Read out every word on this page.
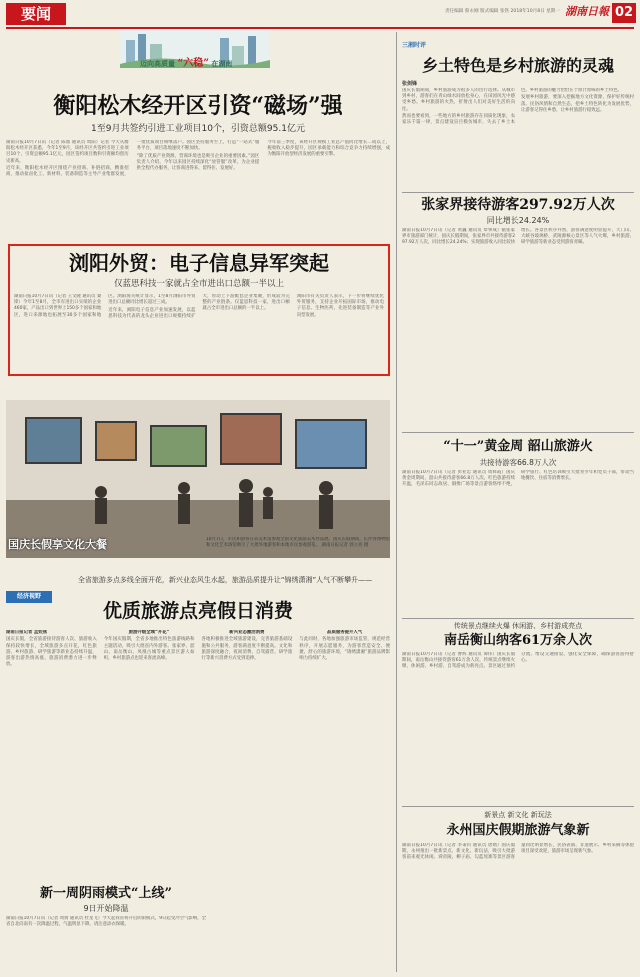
要闻	责任编辑 蔡永刚 版式编辑 张铁 2018年10月8日 星期一 湖南日報 02
迈向高质量 “六稳” 在湖南
衡阳松木经开区引资“磁场”强
1至9月共签约引进工业项目10个，引资总额95.1亿元

湖南日报10月7日讯（记者 陈鼎 通讯员 周阳）记者 今天从衡阳松木经开区获悉，今年1至9月，该经开区共签约引进工业项目10个，引资总额95.1亿元，园区签约项目数和引资额均创历史新高。

近年来，衡阳松木经开区围绕产业招商、补链招商、精准招商，推动盐卤化工、新材料、装备制造等主导产业集群发展，一批优质项目相继落户。园区坚持服务至上，打造“一站式”服务平台，项目落地速度不断加快。

“除了优质产业资源，营商环境也是吸引企业的重要因素。”园区负责人介绍，今年以来园区持续深化“放管服”改革，为企业提供全程代办服务，让客商进得来、留得住、发展好。

今年前三季度，该经开区规模工业总产值同比增长二成以上，税收收入稳步提升，园区承载能力和综合竞争力持续增强，成为衡阳开放型经济发展的重要引擎。

浏阳外贸：电子信息异军突起
仅蓝思科技一家就占全市进出口总额一半以上

湖南日报10月7日讯（记者 王文隆 通讯员 秦锋）今年1至8月，全市有进出口实绩的企业460家，产品出口到世界上150多个国家和地区，进口来源地也拓展至30多个国家和地区。浏阳海关统计显示，1至8月浏阳市外贸进出口总额同比增长超过三成。

近年来，浏阳电子信息产业加速发展，以蓝思科技为代表的龙头企业进出口规模持续扩大，带动上下游配套企业集聚，形成较为完整的产业链条。仅蓝思科技一家，进出口额就占全市进出口总额的一半以上。

浏阳市有关负责人表示，下一步将继续优化外贸服务，支持企业开拓国际市场，推动电子信息、生物医药、先进装备制造等产业外向型发展。

国庆长假享文化大餐	10月7日，市民和游客在省美术馆参观全国文化旅游美术作品展。国庆长假期间，长沙各博物馆和文化艺术场馆吸引了大批外地游客和本地市民参观游览。 湖南日报记者 郭立亮 摄
经济视野
全省旅游多点多线全面开花，新兴业态风生水起，旅游品质提升让“锦绣潇湘”人气不断攀升——
优质旅游点亮假日消费

湖南日报记者 孟姣燕

国庆长假，全省旅游接待游客人次、旅游收入保持较快增长，全域旅游多点开花，红色旅游、乡村旅游、研学旅游等新业态持续升温，游客出游热情高涨，旅游消费潜力进一步释放。

旅游升级全域“开花”

今年国庆假期，全省多地推出特色旅游线路和主题活动，吸引大批省内外游客。张家界、韶山、南岳衡山、凤凰古城等重点景区游人如织，乡村旅游点也迎来客流高峰。

新兴业态激活消费

各地积极推进全域旅游建设，完善旅游基础设施和公共服务，游客满意度不断提高。文化和旅游深度融合，夜间消费、自驾露营、研学旅行等新兴消费方式受到追捧。

品质服务提升人气

与此同时，各地加强旅游市场监管，规范经营秩序，开展志愿服务，为游客营造安全、便捷、舒心的旅游环境，“锦绣潇湘”旅游品牌影响力持续扩大。

新一周阴雨模式“上线”
9日开始降温
湖南日报10月7日讯（记者 周倩 通讯员 杜龙飞）今天起我省将开启阴雨模式，9日起受冷空气影响，全省自北向南有一次降温过程，气温明显下降，请注意添衣保暖。
三湘时评
乡土特色是乡村旅游的灵魂
张剑锋

国庆长假期间，乡村旅游成为很多人的出行选择。从城市到乡村，游客们在青山绿水间放松身心，在田园风光中感受乡愁。乡村旅游的火热，折射出人们对美好生活的向往。

然而也要看到，一些地方的乡村旅游存在同质化现象，农家乐千篇一律，景点建设盲目模仿城市，失去了乡土本色。乡村旅游的魅力恰恰在于原汁原味的乡土特色。

发展乡村旅游，要深入挖掘地方文化资源，保护好传统村落、民俗风情和自然生态，把乡土特色转化为发展优势，让游客记得住乡愁，让乡村旅游行稳致远。

张家界接待游客297.92万人次
同比增长24.24%
湖南日报10月7日讯（记者 黄巍 通讯员 覃事成）据张家界市旅游部门统计，国庆长假期间，张家界市共接待游客297.92万人次，同比增长24.24%；实现旅游收入同比较快增长。各景区秩序井然，游客满意度明显提升，天门山、大峡谷玻璃桥、武陵源核心景区等人气火爆，乡村旅游、研学旅游等新业态受到游客青睐。
“十一”黄金周 韶山旅游火
共接待游客66.8万人次
湖南日报10月7日讯（记者 彭业忠 通讯员 周辉霞）国庆黄金周期间，韶山共接待游客66.8万人次。红色旅游持续升温，毛泽东同志故居、铜像广场等景点游客络绎不绝，研学旅行、红色培训吸引大批青少年和党员干部，带动当地餐饮、住宿等消费增长。
传统景点继续火爆 休闲游、乡村游成亮点
南岳衡山纳客61万余人次
湖南日报10月7日讯（记者 曹辉 通讯员 谭伟）国庆长假期间，南岳衡山共接待游客61万余人次，传统景点继续火爆，休闲游、乡村游、自驾游成为新亮点。景区通过预约分流、增设交通接驳、强化安全保障，确保游客游得舒心。
新景点 新文化 新玩法
永州国庆假期旅游气象新
湖南日报10月7日讯（记者 李秉钧 通讯员 唐婧）国庆假期，永州推出一批新景点、新文化、新玩法，吸引大批游客前来观光休闲。舜帝陵、柳子庙、勾蓝瑶寨等景区游客量同比明显增长，民俗表演、非遗展示、乡村采摘等体验项目深受欢迎，旅游市场呈现新气象。
